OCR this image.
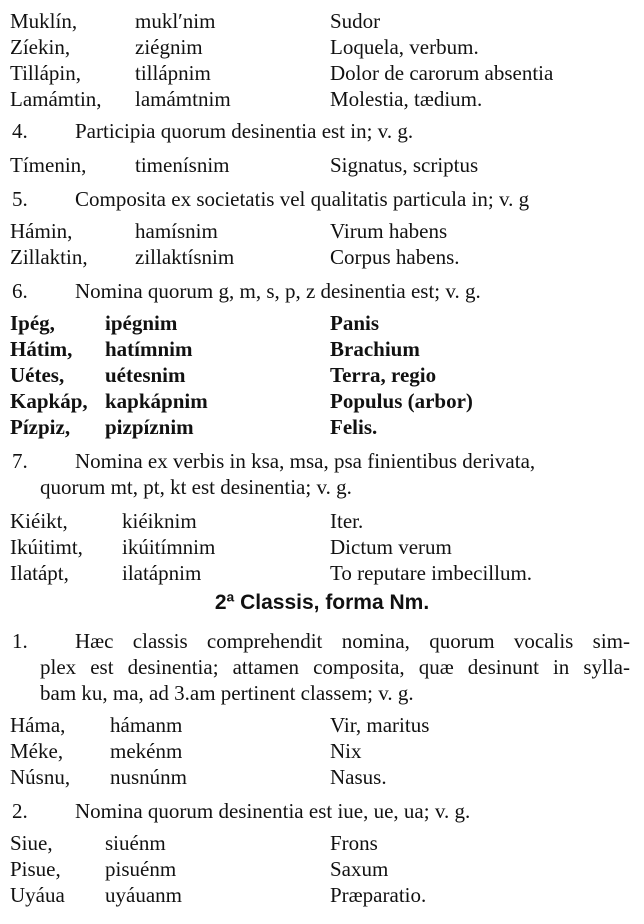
Muklín,	muklʹnim	Sudor
Zíekin,	ziégnim	Loquela, verbum.
Tillápin,	tillápnim	Dolor de carorum absentia
Lamámtin, lamámtnim	Molestia, tædium.
4. Participia quorum desinentia est in; v. g.
Tímenin, timenísnim	Signatus, scriptus
5. Composita ex societatis vel qualitatis particula in; v. g
Hámin,	hamísnim	Virum habens
Zillaktin, zillaktísnim	Corpus habens.
6. Nomina quorum g, m, s, p, z desinentia est; v. g.
Ipég, ipégnim	Panis
Hátim, hatímnim	Brachium
Uétes, uétesnim	Terra, regio
Kapkáp, kapkápnim	Populus (arbor)
Pízpiz, pizpíznim	Felis.
7. Nomina ex verbis in ksa, msa, psa finientibus derivata,
quorum mt, pt, kt est desinentia; v. g.
Kiéikt,	kiéiknim	Iter.
Ikúitimt, ikúitímnim	Dictum verum
Ilatápt,	ilatápnim	To reputare imbecillum.
2ª Classis, forma Nm.
1. Hæc classis comprehendit nomina, quorum vocalis sim-
plex est desinentia; attamen composita, quæ desinunt in sylla-
bam ku, ma, ad 3.am pertinent classem; v. g.
Háma, hámanm	Vir, maritus
Méke, mekénm	Nix
Núsnu, nusnúnm	Nasus.
2. Nomina quorum desinentia est iue, ue, ua; v. g.
Siue, siuénm	Frons
Pisue, pisuénm	Saxum
Uyáua uyáuanm	Præparatio.
